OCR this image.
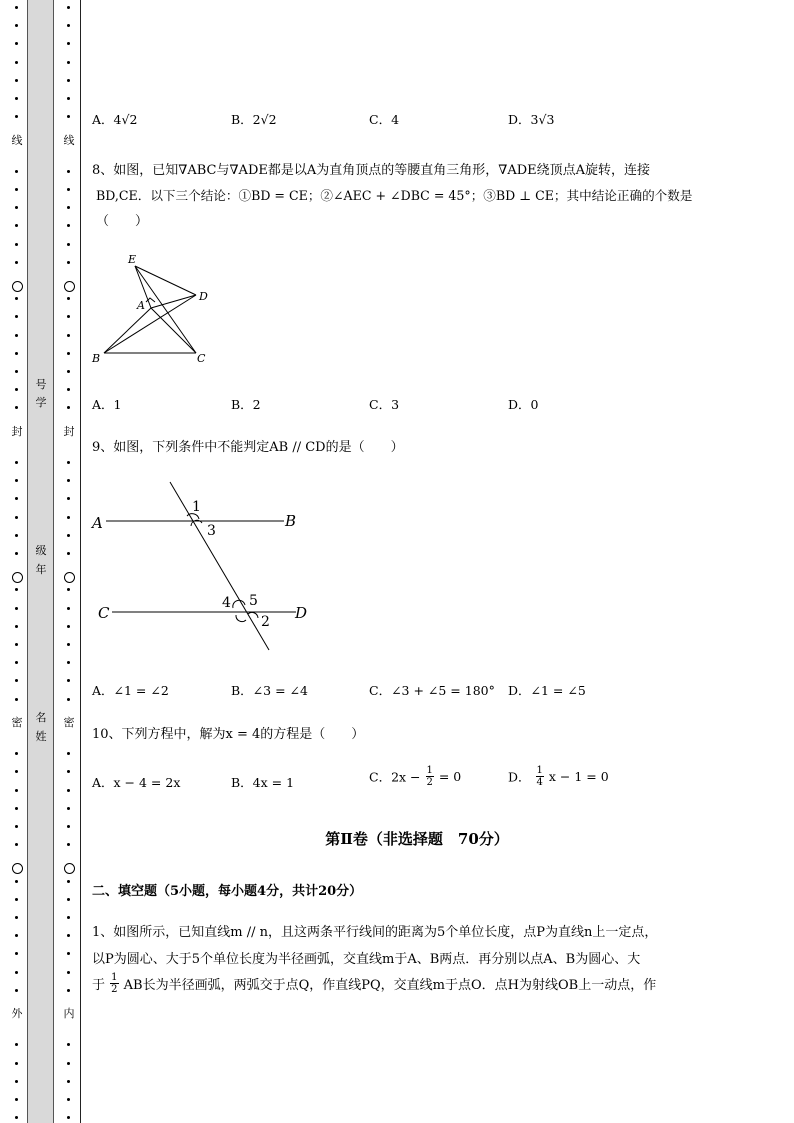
线
封
密
外
线
封
密
内
号
学
级
年
名
姓
A．4√2	B．2√2	C．4	D．3√3
8、如图，已知∇ABC与∇ADE都是以A为直角顶点的等腰直角三角形，∇ADE绕顶点A旋转，连接
BD,CE．以下三个结论：①BD = CE；②∠AEC + ∠DBC = 45°；③BD ⊥ CE；其中结论正确的个数是
（　　）
E
A
D
B	C
A．1	B．2	C．3	D．0
9、如图，下列条件中不能判定AB // CD的是（　　）
A	B
C	D
1
3
4 5
2
A．∠1 = ∠2	B．∠3 = ∠4	C．∠3 + ∠5 = 180° D．∠1 = ∠5
10、下列方程中，解为x = 4的方程是（　　）
A．x − 4 = 2x	B．4x = 1	C．$2x - \frac{1}{2} = 0$	D． $\frac{1}{4}$ x − 1 = 0
第Ⅱ卷（非选择题　70分）
二、填空题（5小题，每小题4分，共计20分）
1、如图所示，已知直线m // n，且这两条平行线间的距离为5个单位长度，点P为直线n上一定点，
以P为圆心、大于5个单位长度为半径画弧，交直线m于A、B两点．再分别以点A、B为圆心、大
于 $\frac{1}{2}$ AB长为半径画弧，两弧交于点Q，作直线PQ，交直线m于点O．点H为射线OB上一动点，作
